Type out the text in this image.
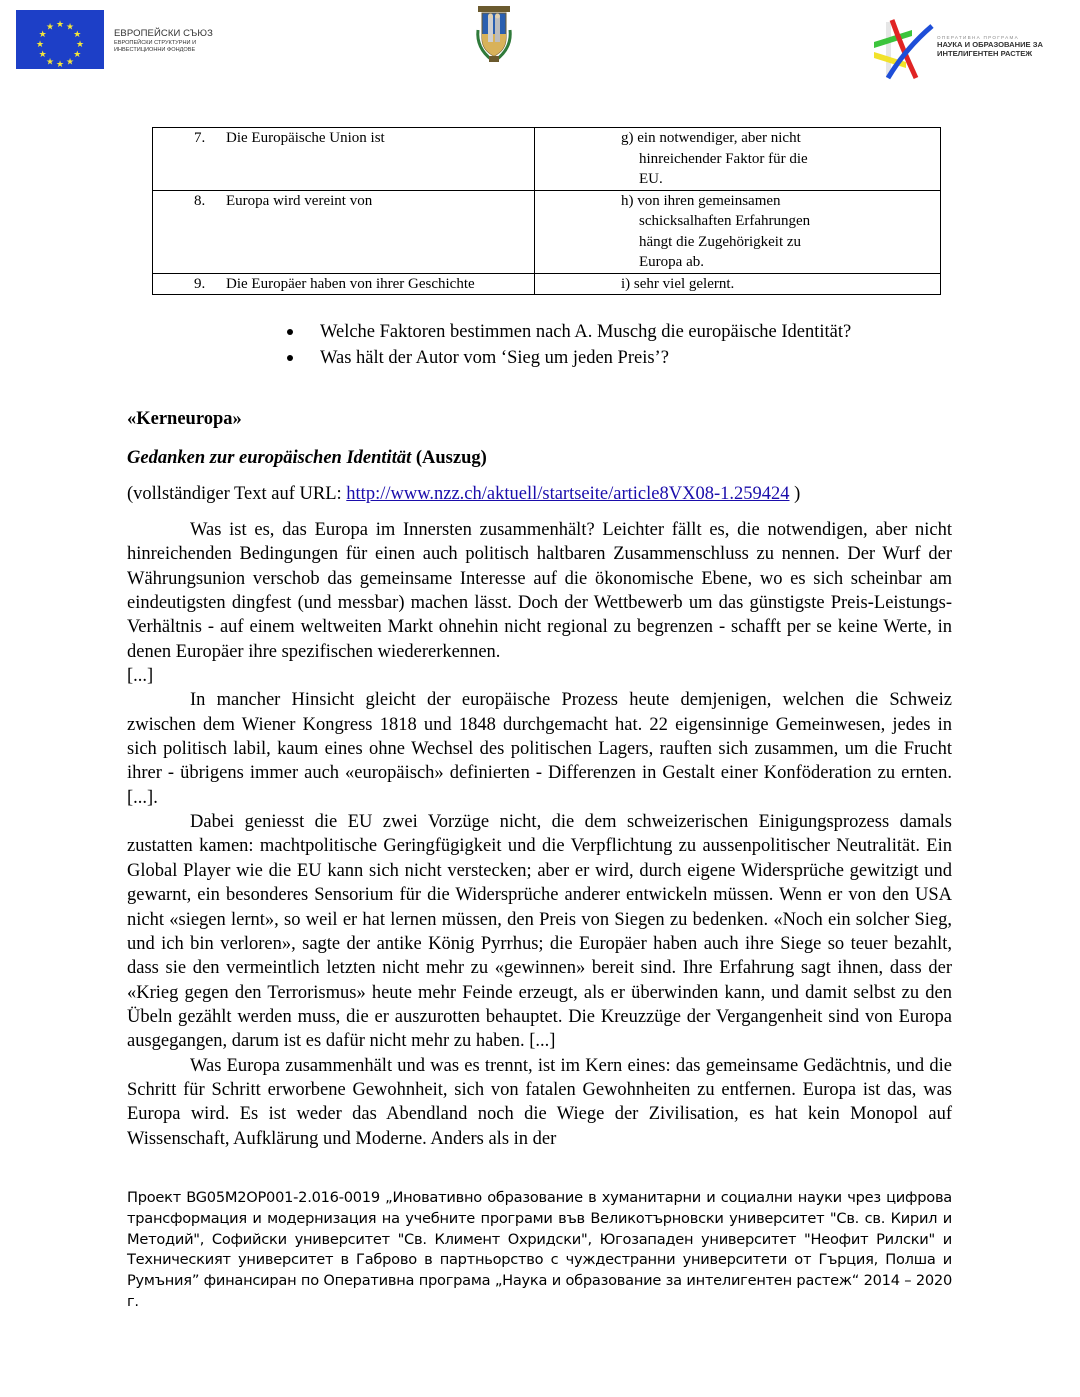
★ ★
★
★
★
★
★
★
★
★
★
★
ЕВРОПЕЙСКИ СЪЮЗ
ЕВРОПЕЙСКИ СТРУКТУРНИ И
ИНВЕСТИЦИОННИ ФОНДОВЕ
ОПЕРАТИВНА ПРОГРАМА
НАУКА И ОБРАЗОВАНИЕ ЗА
ИНТЕЛИГЕНТЕН РАСТЕЖ
7. Die Europäische Union ist	g) ein notwendiger, aber nicht
hinreichender Faktor für die
EU.

8. Europa wird vereint von	h) von ihren gemeinsamen
schicksalhaften Erfahrungen
hängt die Zugehörigkeit zu
Europa ab.

9. Die Europäer haben von ihrer Geschichte	i) sehr viel gelernt.
Welche Faktoren bestimmen nach A. Muschg die europäische Identität?
Was hält der Autor vom ‘Sieg um jeden Preis’?
«Kerneuropa»
Gedanken zur europäischen Identität (Auszug)
(vollständiger Text auf URL: http://www.nzz.ch/aktuell/startseite/article8VX08-1.259424 )

Was ist es, das Europa im Innersten zusammenhält? Leichter fällt es, die notwendigen, aber nicht hinreichenden Bedingungen für einen auch politisch haltbaren Zusammenschluss zu nennen. Der Wurf der Währungsunion verschob das gemeinsame Interesse auf die ökonomische Ebene, wo es sich scheinbar am eindeutigsten dingfest (und messbar) machen lässt. Doch der Wettbewerb um das günstigste Preis-Leistungs-Verhältnis - auf einem weltweiten Markt ohnehin nicht regional zu begrenzen - schafft per se keine Werte, in denen Europäer ihre spezifischen wiedererkennen.

[...]

In mancher Hinsicht gleicht der europäische Prozess heute demjenigen, welchen die Schweiz zwischen dem Wiener Kongress 1818 und 1848 durchgemacht hat. 22 eigensinnige Gemeinwesen, jedes in sich politisch labil, kaum eines ohne Wechsel des politischen Lagers, rauften sich zusammen, um die Frucht ihrer - übrigens immer auch «europäisch» definierten - Differenzen in Gestalt einer Konföderation zu ernten. [...].

Dabei geniesst die EU zwei Vorzüge nicht, die dem schweizerischen Einigungsprozess damals zustatten kamen: machtpolitische Geringfügigkeit und die Verpflichtung zu aussenpolitischer Neutralität. Ein Global Player wie die EU kann sich nicht verstecken; aber er wird, durch eigene Widersprüche gewitzigt und gewarnt, ein besonderes Sensorium für die Widersprüche anderer entwickeln müssen. Wenn er von den USA nicht «siegen lernt», so weil er hat lernen müssen, den Preis von Siegen zu bedenken. «Noch ein solcher Sieg, und ich bin verloren», sagte der antike König Pyrrhus; die Europäer haben auch ihre Siege so teuer bezahlt, dass sie den vermeintlich letzten nicht mehr zu «gewinnen» bereit sind. Ihre Erfahrung sagt ihnen, dass der «Krieg gegen den Terrorismus» heute mehr Feinde erzeugt, als er überwinden kann, und damit selbst zu den Übeln gezählt werden muss, die er auszurotten behauptet. Die Kreuzzüge der Vergangenheit sind von Europa ausgegangen, darum ist es dafür nicht mehr zu haben. [...]

Was Europa zusammenhält und was es trennt, ist im Kern eines: das gemeinsame Gedächtnis, und die Schritt für Schritt erworbene Gewohnheit, sich von fatalen Gewohnheiten zu entfernen. Europa ist das, was Europa wird. Es ist weder das Abendland noch die Wiege der Zivilisation, es hat kein Monopol auf Wissenschaft, Aufklärung und Moderne. Anders als in der

Проект BG05M2OP001-2.016-0019 „Иновативно образование в хуманитарни и социални науки чрез цифрова трансформация и модернизация на учебните програми във Великотърновски университет "Св. св. Кирил и Методий", Софийски университет "Св. Климент Охридски", Югозападен университет "Неофит Рилски" и Техническият университет в Габрово в партньорство с чуждестранни университети от Гърция, Полша и Румъния” финансиран по Оперативна програма „Наука и образование за интелигентен растеж“ 2014 – 2020 г.
